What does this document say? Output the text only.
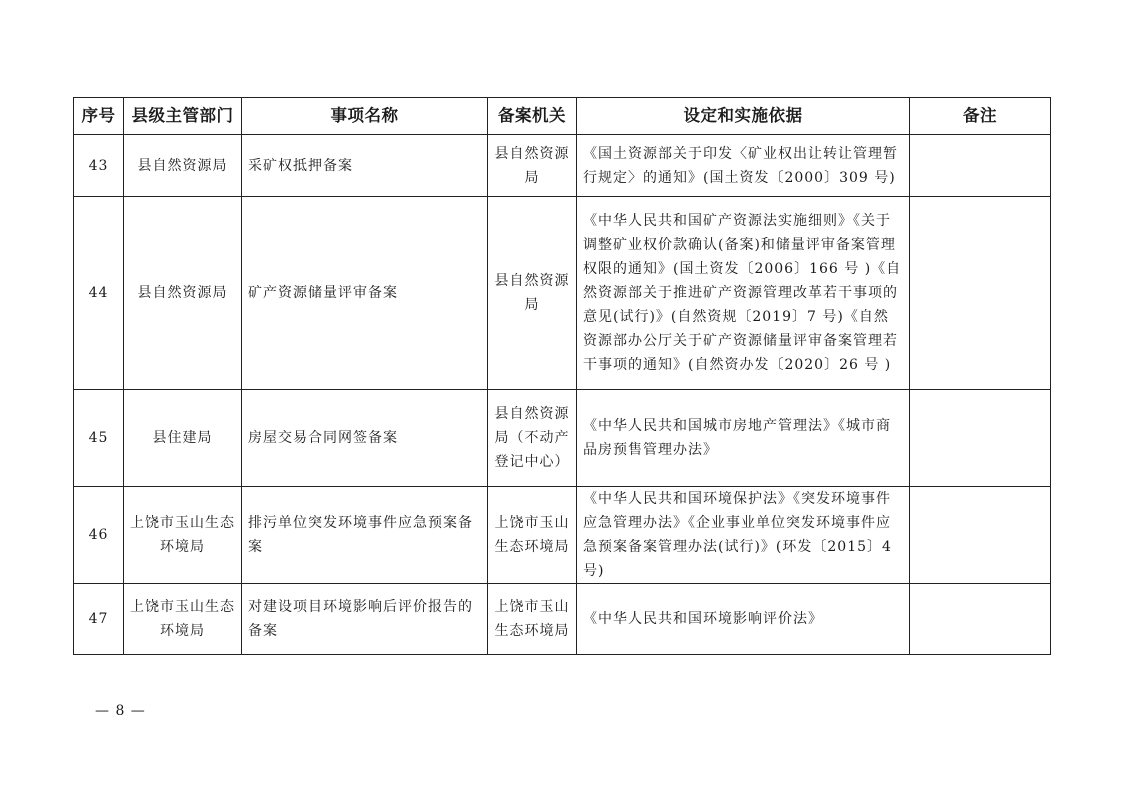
序号	县级主管部门	事项名称	备案机关	设定和实施依据	备注
43	县自然资源局	采矿权抵押备案	县自然资源局	《国土资源部关于印发〈矿业权出让转让管理暂行规定〉的通知》(国土资发〔2000〕309 号)	
44	县自然资源局	矿产资源储量评审备案	县自然资源局	《中华人民共和国矿产资源法实施细则》《关于调整矿业权价款确认(备案)和储量评审备案管理权限的通知》(国土资发〔2006〕166 号 )《自然资源部关于推进矿产资源管理改革若干事项的意见(试行)》(自然资规〔2019〕7 号)《自然资源部办公厅关于矿产资源储量评审备案管理若干事项的通知》(自然资办发〔2020〕26 号 )	
45	县住建局	房屋交易合同网签备案	县自然资源局（不动产登记中心）	《中华人民共和国城市房地产管理法》《城市商品房预售管理办法》	
46	上饶市玉山生态环境局	排污单位突发环境事件应急预案备案	上饶市玉山生态环境局	《中华人民共和国环境保护法》《突发环境事件应急管理办法》《企业事业单位突发环境事件应急预案备案管理办法(试行)》(环发〔2015〕4 号)	
47	上饶市玉山生态环境局	对建设项目环境影响后评价报告的备案	上饶市玉山生态环境局	《中华人民共和国环境影响评价法》	
— 8 —
